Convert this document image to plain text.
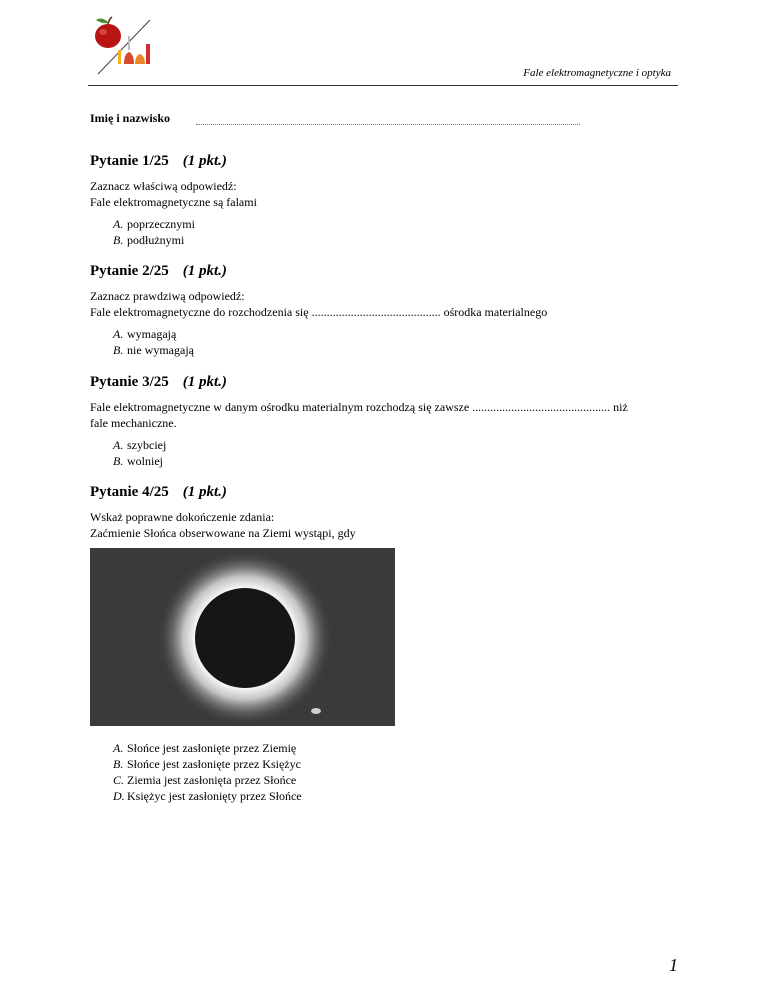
Fale elektromagnetyczne i optyka
Imię i nazwisko
Pytanie 1/25 (1 pkt.)
Zaznacz właściwą odpowiedź:
Fale elektromagnetyczne są falami
A. poprzecznymi
B. podłużnymi
Pytanie 2/25 (1 pkt.)
Zaznacz prawdziwą odpowiedź:
Fale elektromagnetyczne do rozchodzenia się ........................................... ośrodka materialnego
A. wymagają
B. nie wymagają
Pytanie 3/25 (1 pkt.)
Fale elektromagnetyczne w danym ośrodku materialnym rozchodzą się zawsze .............................................. niż
fale mechaniczne.
A. szybciej
B. wolniej
Pytanie 4/25 (1 pkt.)
Wskaż poprawne dokończenie zdania:
Zaćmienie Słońca obserwowane na Ziemi wystąpi, gdy
A. Słońce jest zasłonięte przez Ziemię
B. Słońce jest zasłonięte przez Księżyc
C. Ziemia jest zasłonięta przez Słońce
D. Księżyc jest zasłonięty przez Słońce
1
